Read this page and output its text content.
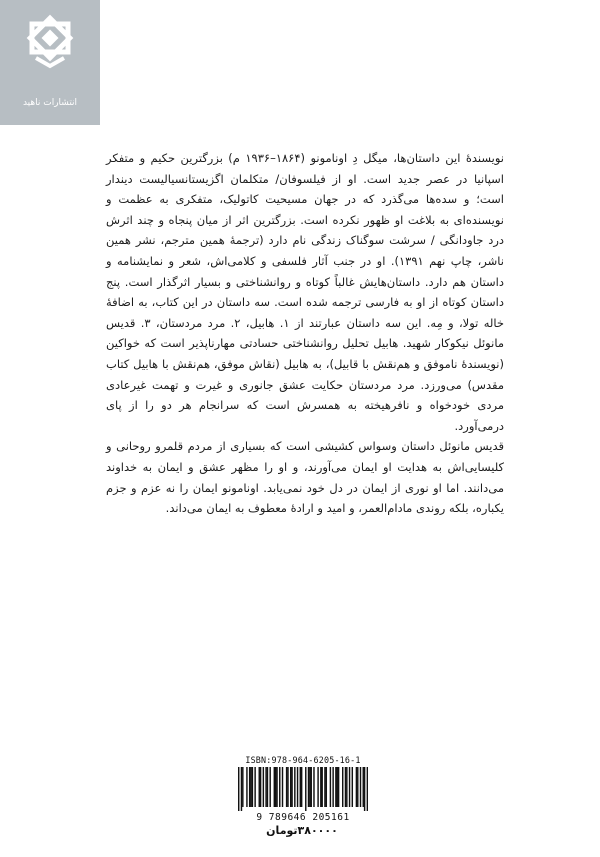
انتشارات ناهید

نویسندهٔ این داستان‌ها، میگل دِ اونامونو (۱۸۶۴–۱۹۳۶ م) بزرگترین حکیم و متفکر اسپانیا در عصر جدید است. او از فیلسوفان/ متکلمان اگزیستانسیالیست دیندار است؛ و سده‌ها می‌گذرد که در جهان مسیحیت کاتولیک، متفکری به عظمت و نویسنده‌ای به بلاغت او ظهور نکرده است. بزرگترین اثر از میان پنجاه و چند اثرش درد جاودانگی / سرشت سوگناک زندگی نام دارد (ترجمهٔ همین مترجم، نشر همین ناشر، چاپ نهم ۱۳۹۱). او در جنب آثار فلسفی و کلامی‌اش، شعر و نمایشنامه و داستان هم دارد. داستان‌هایش غالباً کوتاه و روانشناختی و بسیار اثرگذار است. پنج داستان کوتاه از او به فارسی ترجمه شده است. سه داستان در این کتاب، به اضافهٔ خاله تولا، و مِه. این سه داستان عبارتند از ۱. هابیل، ۲. مرد مردستان، ۳. قدیس مانوئل نیکوکار شهید. هابیل تحلیل روانشناختی حسادتی مهارناپذیر است که خواکین (نویسندهٔ ناموفق و هم‌نقش با قابیل)، به هابیل (نقاش موفق، هم‌نقش با هابیل کتاب مقدس) می‌ورزد. مرد مردستان حکایت عشق جانوری و غیرت و تهمت غیرعادی مردی خودخواه و نافرهیخته به همسرش است که سرانجام هر دو را از پای درمی‌آورد.

قدیس مانوئل داستان وسواس کشیشی است که بسیاری از مردم قلمرو روحانی و کلیسایی‌اش به هدایت او ایمان می‌آورند، و او را مظهر عشق و ایمان به خداوند می‌دانند. اما او نوری از ایمان در دل خود نمی‌یابد. اونامونو ایمان را نه عزم و جزم یکباره، بلکه روندی مادام‌العمر، و امید و ارادهٔ معطوف به ایمان می‌داند.

ISBN:978-964-6205-16-1
9 789646 205161
۳۸۰۰۰۰تومان
